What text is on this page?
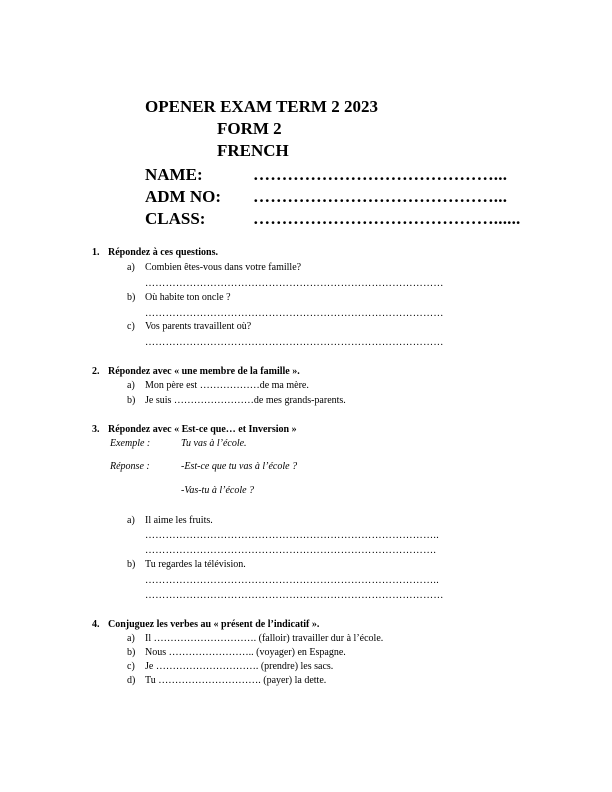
OPENER EXAM TERM 2 2023
FORM 2
FRENCH
NAME:	……………………………………...
ADM NO: ……………………………………...
CLASS:	……………………………………......
1. Répondez à ces questions.
a) Combien êtes-vous dans votre famille?
……………………………………………………………………………
b) Où habite ton oncle ?
……………………………………………………………………………
c) Vos parents travaillent où?
……………………………………………………………………………
2. Répondez avec « une membre de la famille ».
a) Mon père est ………………de ma mère.
b) Je suis ……………………de mes grands-parents.
3. Répondez avec « Est-ce que… et Inversion »
Exemple :	Tu vas à l’école.
Réponse :	-Est-ce que tu vas à l’école ?
-Vas-tu à l’école ?
a) Il aime les fruits.
…………………………………………………………………………..
………………………………………………………………………….
b) Tu regardes la télévision.
…………………………………………………………………………..
……………………………………………………………………………
4. Conjuguez les verbes au « présent de l’indicatif ».
a) Il …………………………. (falloir) travailler dur à l’école.
b) Nous …………………….. (voyager) en Espagne.
c) Je …………………………. (prendre) les sacs.
d) Tu …………………………. (payer) la dette.
